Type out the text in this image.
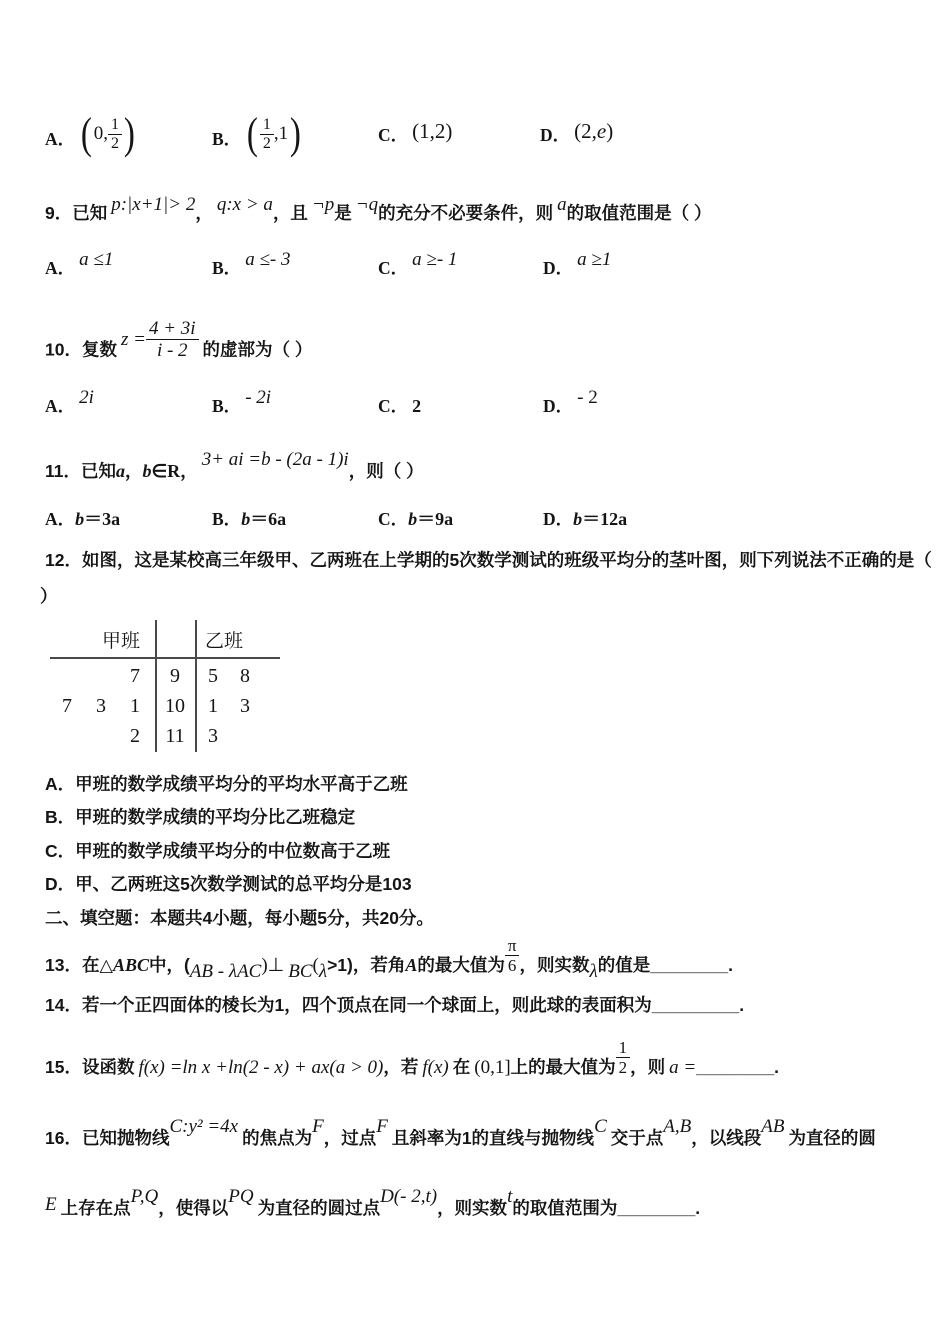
A． (0, $\frac{1}{2}$ )	B． ( $\frac{1}{2} ,1$)	C． (1,2)	D． (2,e)
9．已知 p:|x+1|> 2， q:x > a，且 ¬p是 ¬q的充分不必要条件，则 a的取值范围是（ ）
A． a ≤1	B． a ≤- 3	C． a ≥- 1	D． a ≥1
10．复数 $z = \frac{4 + 3i}{i - 2}$ 的虚部为（ ）
A． 2i	B． - 2i	C． 2	D． - 2
11．已知a，b∈R， 3+ ai =b - (2a - 1)i，则（ ）
A．b＝3a	B．b＝6a	C．b＝9a	D．b＝12a
12．如图，这是某校高三年级甲、乙两班在上学期的5次数学测试的班级平均分的茎叶图，则下列说法不正确的是（
）
甲班	乙班
7	9	5 8
7 3 1	10	1 3
2	11	3
A．甲班的数学成绩平均分的平均水平高于乙班
B．甲班的数学成绩的平均分比乙班稳定
C．甲班的数学成绩平均分的中位数高于乙班
D．甲、乙两班这5次数学测试的总平均分是103
二、填空题：本题共4小题，每小题5分，共20分。
13．在△ABC中，(AB - λAC)⊥ BC(λ>1)，若角A的最大值为 $\frac{\pi}{6}$ ，则实数λ的值是________.
14．若一个正四面体的棱长为1，四个顶点在同一个球面上，则此球的表面积为_________.
15．设函数 f(x) =ln x +ln(2 - x) + ax(a > 0)，若 f(x) 在 (0,1]上的最大值为 $\frac{1}{2}$ ，则 a =________.
16．已知抛物线C:y² =4x 的焦点为F，过点F 且斜率为1的直线与抛物线C 交于点A,B，以线段AB 为直径的圆
E 上存在点P,Q，使得以PQ 为直径的圆过点D(- 2,t)，则实数t的取值范围为________.
